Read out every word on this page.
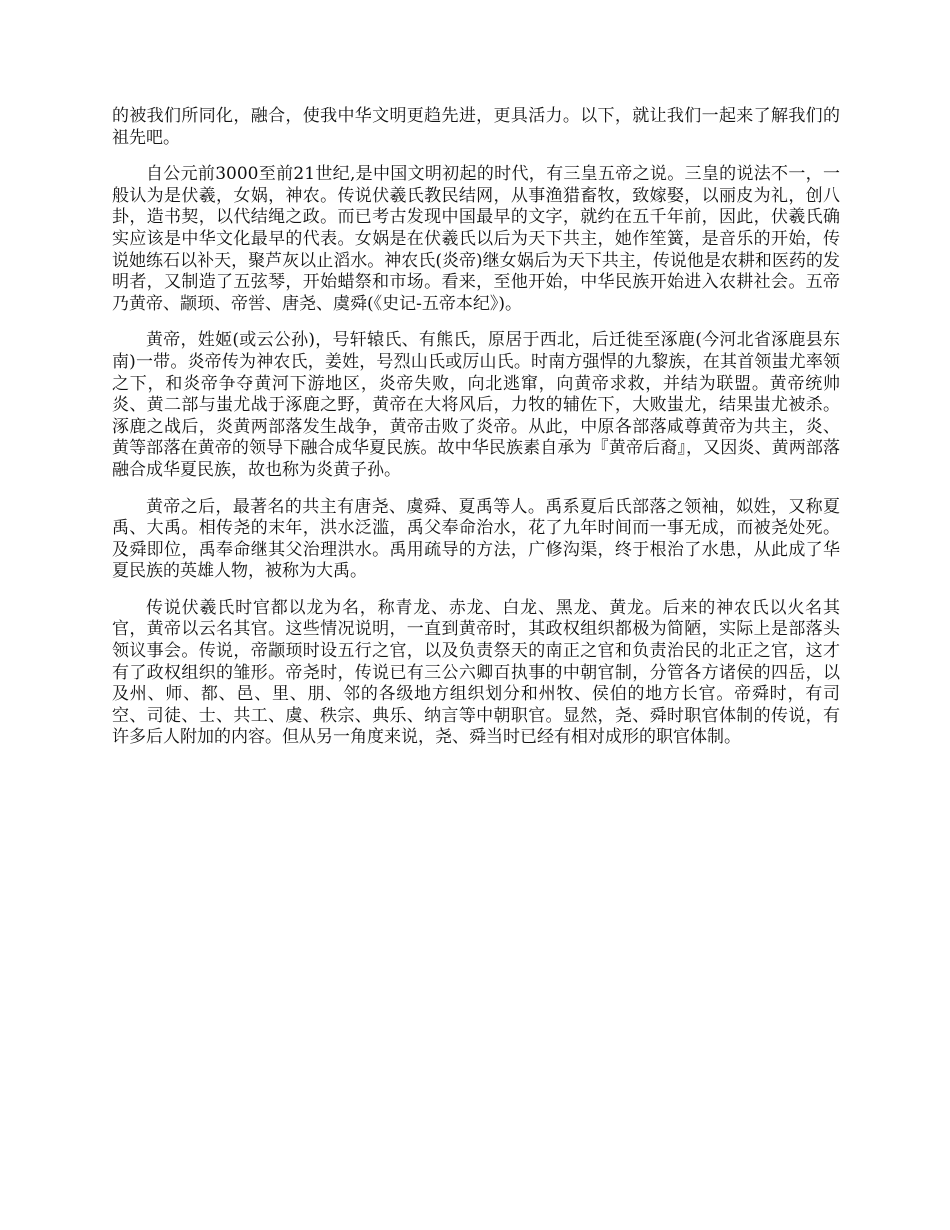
的被我们所同化，融合，使我中华文明更趋先进，更具活力。以下，就让我们一起来了解我们的祖先吧。

自公元前3000至前21世纪,是中国文明初起的时代，有三皇五帝之说。三皇的说法不一，一般认为是伏羲，女娲，神农。传说伏羲氏教民结网，从事渔猎畜牧，致嫁娶，以丽皮为礼，创八卦，造书契，以代结绳之政。而已考古发现中国最早的文字，就约在五千年前，因此，伏羲氏确实应该是中华文化最早的代表。女娲是在伏羲氏以后为天下共主，她作笙簧，是音乐的开始，传说她练石以补天，聚芦灰以止滔水。神农氏(炎帝)继女娲后为天下共主，传说他是农耕和医药的发明者，又制造了五弦琴，开始蜡祭和市场。看来，至他开始，中华民族开始进入农耕社会。五帝乃黄帝、颛顼、帝喾、唐尧、虞舜(《史记-五帝本纪》)。

黄帝，姓姬(或云公孙)，号轩辕氏、有熊氏，原居于西北，后迁徙至涿鹿(今河北省涿鹿县东南)一带。炎帝传为神农氏，姜姓，号烈山氏或厉山氏。时南方强悍的九黎族，在其首领蚩尤率领之下，和炎帝争夺黄河下游地区，炎帝失败，向北逃窜，向黄帝求救，并结为联盟。黄帝统帅炎、黄二部与蚩尤战于涿鹿之野，黄帝在大将风后，力牧的辅佐下，大败蚩尤，结果蚩尤被杀。涿鹿之战后，炎黄两部落发生战争，黄帝击败了炎帝。从此，中原各部落咸尊黄帝为共主，炎、黄等部落在黄帝的领导下融合成华夏民族。故中华民族素自承为『黄帝后裔』，又因炎、黄两部落融合成华夏民族，故也称为炎黄子孙。

黄帝之后，最著名的共主有唐尧、虞舜、夏禹等人。禹系夏后氏部落之领袖，姒姓，又称夏禹、大禹。相传尧的末年，洪水泛滥，禹父奉命治水，花了九年时间而一事无成，而被尧处死。及舜即位，禹奉命继其父治理洪水。禹用疏导的方法，广修沟渠，终于根治了水患，从此成了华夏民族的英雄人物，被称为大禹。

传说伏羲氏时官都以龙为名，称青龙、赤龙、白龙、黑龙、黄龙。后来的神农氏以火名其官，黄帝以云名其官。这些情况说明，一直到黄帝时，其政权组织都极为简陋，实际上是部落头领议事会。传说，帝颛顼时设五行之官，以及负责祭天的南正之官和负责治民的北正之官，这才有了政权组织的雏形。帝尧时，传说已有三公六卿百执事的中朝官制，分管各方诸侯的四岳，以及州、师、都、邑、里、朋、邻的各级地方组织划分和州牧、侯伯的地方长官。帝舜时，有司空、司徒、士、共工、虞、秩宗、典乐、纳言等中朝职官。显然，尧、舜时职官体制的传说，有许多后人附加的内容。但从另一角度来说，尧、舜当时已经有相对成形的职官体制。
